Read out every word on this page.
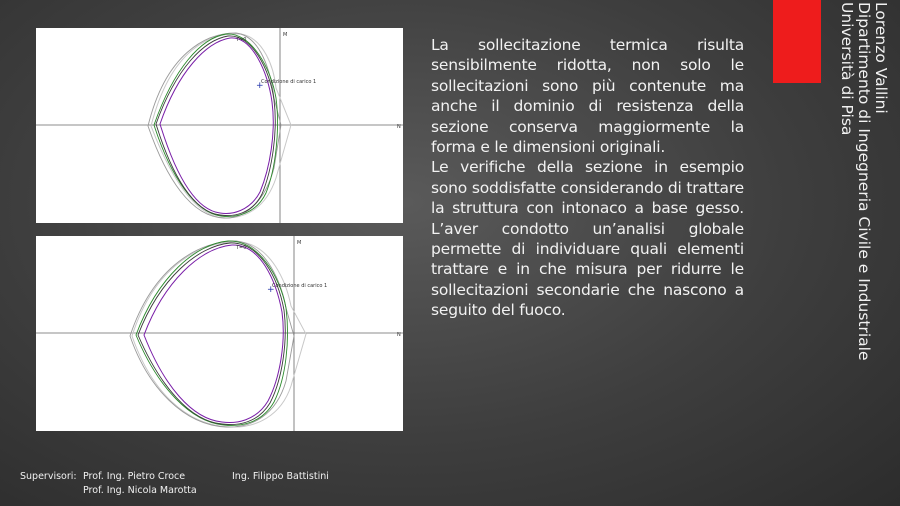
M
N
T=0
+
Condizione di carico 1
M
N
T=0
+
Condizione di carico 1

La sollecitazione termica risulta sensibilmente ridotta, non solo le sollecitazioni sono più contenute ma anche il dominio di resistenza della sezione conserva maggiormente la forma e le dimensioni originali.

Le verifiche della sezione in esempio sono soddisfatte considerando di trattare la struttura con intonaco a base gesso. L’aver condotto un’analisi globale permette di individuare quali elementi trattare e in che misura per ridurre le sollecitazioni secondarie che nascono a seguito del fuoco.

Lorenzo Vallini
Dipartimento di Ingegneria Civile e Industriale
Università di Pisa
Supervisori: Prof. Ing. Pietro Croce	Ing. Filippo Battistini
Prof. Ing. Nicola Marotta
